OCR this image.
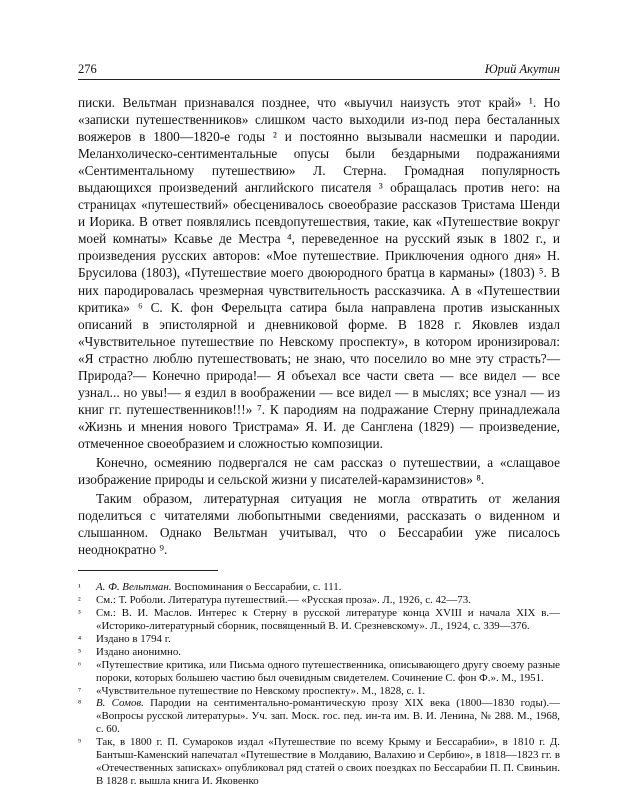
276	Юрий Акутин

писки. Вельтман признавался позднее, что «выучил наизусть этот край» ¹. Но «записки путешественников» слишком часто выходили из-под пера бесталанных вояжеров в 1800—1820-е годы ² и постоянно вызывали насмешки и пародии. Меланхолическо-сентиментальные опусы были бездарными подражаниями «Сентиментальному путешествию» Л. Стерна. Громадная популярность выдающихся произведений английского писателя ³ обращалась против него: на страницах «путешествий» обесценивалось своеобразие рассказов Тристама Шенди и Иорика. В ответ появлялись псевдопутешествия, такие, как «Путешествие вокруг моей комнаты» Ксавье де Местра ⁴, переведенное на русский язык в 1802 г., и произведения русских авторов: «Мое путешествие. Приключения одного дня» Н. Брусилова (1803), «Путешествие моего двоюродного братца в карманы» (1803) ⁵. В них пародировалась чрезмерная чувствительность рассказчика. А в «Путешествии критика» ⁶ С. К. фон Ферельцта сатира была направлена против изысканных описаний в эпистолярной и дневниковой форме. В 1828 г. Яковлев издал «Чувствительное путешествие по Невскому проспекту», в котором иронизировал: «Я страстно люблю путешествовать; не знаю, что поселило во мне эту страсть?— Природа?— Конечно природа!— Я объехал все части света — все видел — все узнал... но увы!— я ездил в воображении — все видел — в мыслях; все узнал — из книг гг. путешественников!!!» ⁷. К пародиям на подражание Стерну принадлежала «Жизнь и мнения нового Тристрама» Я. И. де Санглена (1829) — произведение, отмеченное своеобразием и сложностью композиции.

Конечно, осмеянию подвергался не сам рассказ о путешествии, а «слащавое изображение природы и сельской жизни у писателей-карамзинистов» ⁸.

Таким образом, литературная ситуация не могла отвратить от желания поделиться с читателями любопытными сведениями, рассказать о виденном и слышанном. Однако Вельтман учитывал, что о Бессарабии уже писалось неоднократно ⁹.

¹ А. Ф. Вельтман. Воспоминания о Бессарабии, с. 111.
² См.: Т. Роболи. Литература путешествий.— «Русская проза». Л., 1926, с. 42—73.
³ См.: В. И. Маслов. Интерес к Стерну в русской литературе конца XVIII и начала XIX в.— «Историко-литературный сборник, посвященный В. И. Срезневскому». Л., 1924, с. 339—376.
⁴ Издано в 1794 г.
⁵ Издано анонимно.
⁶ «Путешествие критика, или Письма одного путешественника, описывающего другу своему разные пороки, которых большею частию был очевидным свидетелем. Сочинение С. фон Ф.». М., 1951.
⁷ «Чувствительное путешествие по Невскому проспекту». М., 1828, с. 1.
⁸ В. Сомов. Пародии на сентиментально-романтическую прозу XIX века (1800—1830 годы).— «Вопросы русской литературы». Уч. зап. Моск. гос. пед. ин-та им. В. И. Ленина, № 288. М., 1968, с. 60.
⁹ Так, в 1800 г. П. Сумароков издал «Путешествие по всему Крыму и Бессарабии», в 1810 г. Д. Бантыш-Каменский напечатал «Путешествие в Молдавию, Валахию и Сербию», в 1818—1823 гг. в «Отечественных записках» опубликовал ряд статей о своих поездках по Бессарабии П. П. Свиньин. В 1828 г. вышла книга И. Яковенко
